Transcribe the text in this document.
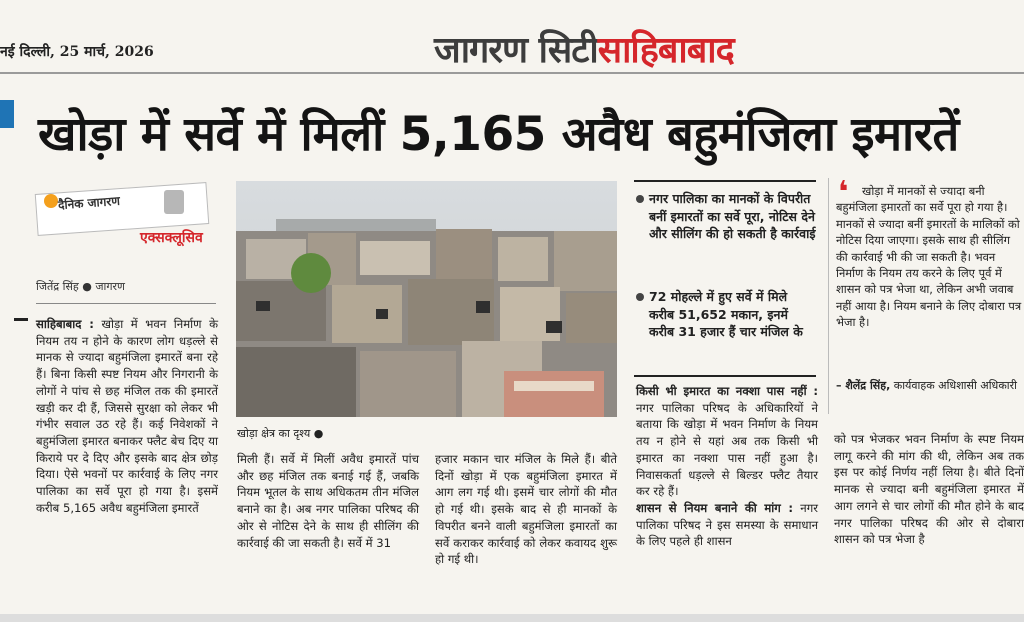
नई दिल्ली, 25 मार्च, 2026	जागरण सिटीसाहिबाबाद
खोड़ा में सर्वे में मिलीं 5,165 अवैध बहुमंजिला इमारतें
दैनिक जागरण
एक्सक्लूसिव
जितेंद्र सिंह ● जागरण
साहिबाबाद : खोड़ा में भवन निर्माण के नियम तय न होने के कारण लोग धड़ल्ले से मानक से ज्यादा बहुमंजिला इमारतें बना रहे हैं। बिना किसी स्पष्ट नियम और निगरानी के लोगों ने पांच से छह मंजिल तक की इमारतें खड़ी कर दी हैं, जिससे सुरक्षा को लेकर भी गंभीर सवाल उठ रहे हैं। कई निवेशकों ने बहुमंजिला इमारत बनाकर फ्लैट बेच दिए या किराये पर दे दिए और इसके बाद क्षेत्र छोड़ दिया। ऐसे भवनों पर कार्रवाई के लिए नगर पालिका का सर्वे पूरा हो गया है। इसमें करीब 5,165 अवैध बहुमंजिला इमारतें
खोड़ा क्षेत्र का दृश्य ●
मिली हैं। सर्वे में मिलीं अवैध इमारतें पांच और छह मंजिल तक बनाई गई हैं, जबकि नियम भूतल के साथ अधिकतम तीन मंजिल बनाने का है। अब नगर पालिका परिषद की ओर से नोटिस देने के साथ ही सीलिंग की कार्रवाई की जा सकती है। सर्वे में 31
हजार मकान चार मंजिल के मिले हैं। बीते दिनों खोड़ा में एक बहुमंजिला इमारत में आग लग गई थी। इसमें चार लोगों की मौत हो गई थी। इसके बाद से ही मानकों के विपरीत बनने वाली बहुमंजिला इमारतों का सर्वे कराकर कार्रवाई को लेकर कवायद शुरू हो गई थी।
नगर पालिका का मानकों के विपरीत बनीं इमारतों का सर्वे पूरा, नोटिस देने और सीलिंग की हो सकती है कार्रवाई
72 मोहल्ले में हुए सर्वे में मिले करीब 51,652 मकान, इनमें करीब 31 हजार हैं चार मंजिल के
किसी भी इमारत का नक्शा पास नहीं : नगर पालिका परिषद के अधिकारियों ने बताया कि खोड़ा में भवन निर्माण के नियम तय न होने से यहां अब तक किसी भी इमारत का नक्शा पास नहीं हुआ है। निवासकर्ता धड़ल्ले से बिल्डर फ्लैट तैयार कर रहे हैं।
शासन से नियम बनाने की मांग : नगर पालिका परिषद ने इस समस्या के समाधान के लिए पहले ही शासन
❛ खोड़ा में मानकों से ज्यादा बनी
बहुमंजिला इमारतों का सर्वे पूरा हो गया है। मानकों से ज्यादा बनीं इमारतों के मालिकों को नोटिस दिया जाएगा। इसके साथ ही सीलिंग की कार्रवाई भी की जा सकती है। भवन निर्माण के नियम तय करने के लिए पूर्व में शासन को पत्र भेजा था, लेकिन अभी जवाब नहीं आया है। नियम बनाने के लिए दोबारा पत्र भेजा है।
– शैलेंद्र सिंह, कार्यवाहक अधिशासी अधिकारी
को पत्र भेजकर भवन निर्माण के स्पष्ट नियम लागू करने की मांग की थी, लेकिन अब तक इस पर कोई निर्णय नहीं लिया है। बीते दिनों मानक से ज्यादा बनी बहुमंजिला इमारत में आग लगने से चार लोगों की मौत होने के बाद नगर पालिका परिषद की ओर से दोबारा शासन को पत्र भेजा है
